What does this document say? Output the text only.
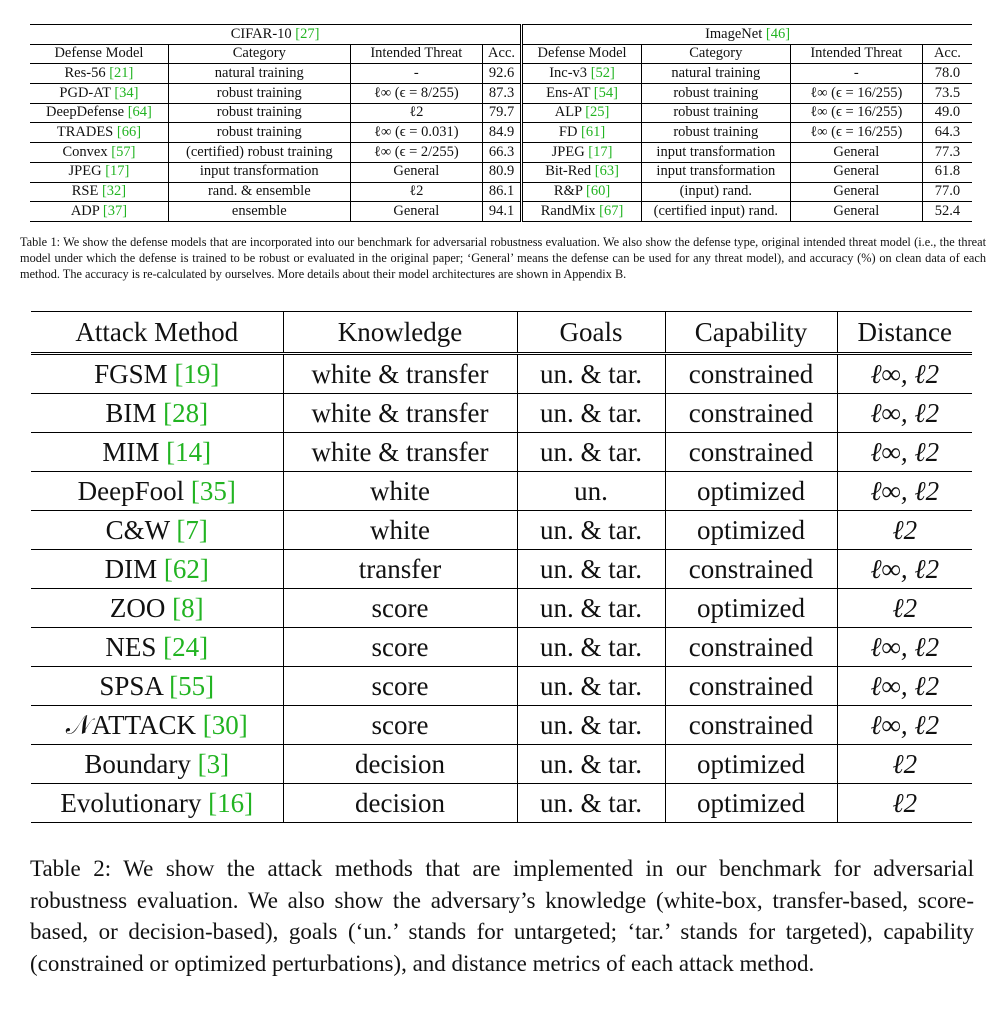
CIFAR-10 [27]				ImageNet [46]			
Defense Model	Category	Intended Threat	Acc.	Defense Model	Category	Intended Threat	Acc.
Res-56 [21]	natural training	-	92.6	Inc-v3 [52]	natural training	-	78.0
PGD-AT [34]	robust training	ℓ∞ (ϵ = 8/255)	87.3	Ens-AT [54]	robust training	ℓ∞ (ϵ = 16/255)	73.5
DeepDefense [64]	robust training	ℓ2	79.7	ALP [25]	robust training	ℓ∞ (ϵ = 16/255)	49.0
TRADES [66]	robust training	ℓ∞ (ϵ = 0.031)	84.9	FD [61]	robust training	ℓ∞ (ϵ = 16/255)	64.3
Convex [57]	(certified) robust training	ℓ∞ (ϵ = 2/255)	66.3	JPEG [17]	input transformation	General	77.3
JPEG [17]	input transformation	General	80.9	Bit-Red [63]	input transformation	General	61.8
RSE [32]	rand. & ensemble	ℓ2	86.1	R&P [60]	(input) rand.	General	77.0
ADP [37]	ensemble	General	94.1	RandMix [67]	(certified input) rand.	General	52.4

Table 1: We show the defense models that are incorporated into our benchmark for adversarial robustness evaluation. We also show the defense type, original intended threat model (i.e., the threat model under which the defense is trained to be robust or evaluated in the original paper; ‘General’ means the defense can be used for any threat model), and accuracy (%) on clean data of each method. The accuracy is re-calculated by ourselves. More details about their model architectures are shown in Appendix B.

Attack Method	Knowledge	Goals	Capability	Distance
FGSM [19]	white & transfer	un. & tar.	constrained	ℓ∞, ℓ2
BIM [28]	white & transfer	un. & tar.	constrained	ℓ∞, ℓ2
MIM [14]	white & transfer	un. & tar.	constrained	ℓ∞, ℓ2
DeepFool [35]	white	un.	optimized	ℓ∞, ℓ2
C&W [7]	white	un. & tar.	optimized	ℓ2
DIM [62]	transfer	un. & tar.	constrained	ℓ∞, ℓ2
ZOO [8]	score	un. & tar.	optimized	ℓ2
NES [24]	score	un. & tar.	constrained	ℓ∞, ℓ2
SPSA [55]	score	un. & tar.	constrained	ℓ∞, ℓ2
𝒩ATTACK [30]	score	un. & tar.	constrained	ℓ∞, ℓ2
Boundary [3]	decision	un. & tar.	optimized	ℓ2
Evolutionary [16]	decision	un. & tar.	optimized	ℓ2

Table 2: We show the attack methods that are implemented in our benchmark for adversarial robustness evaluation. We also show the adversary’s knowledge (white-box, transfer-based, score-based, or decision-based), goals (‘un.’ stands for untargeted; ‘tar.’ stands for targeted), capability (constrained or optimized perturbations), and distance metrics of each attack method.
